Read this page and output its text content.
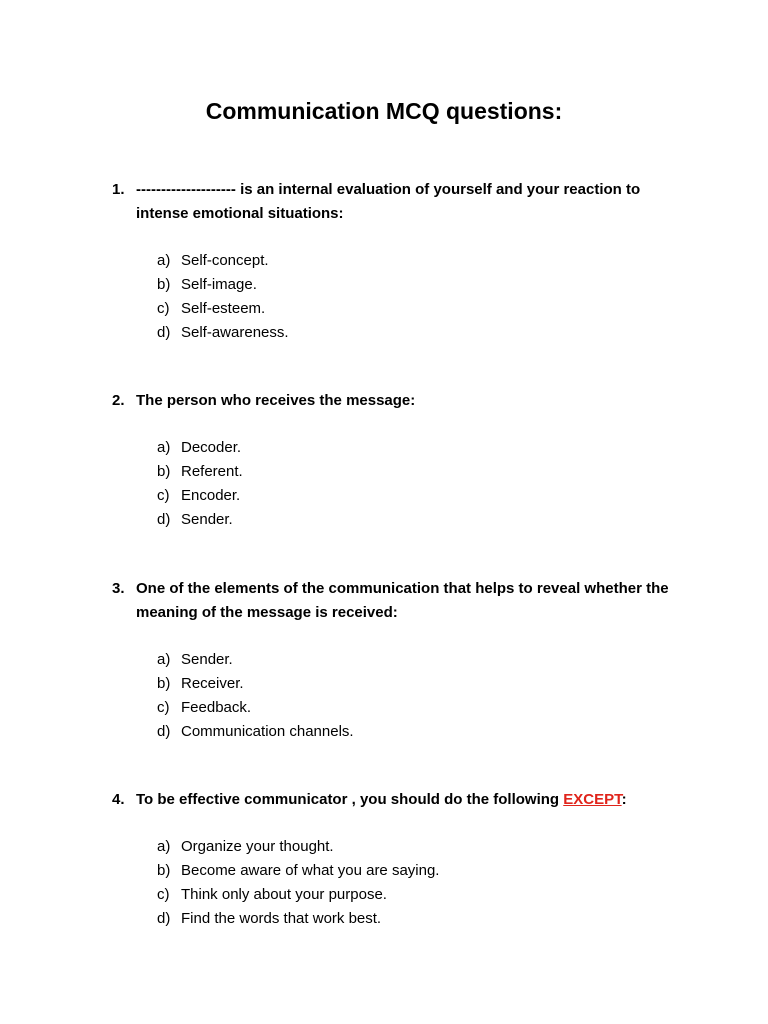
Communication MCQ questions:
1. -------------------- is an internal evaluation of yourself and your reaction to intense emotional situations:
a) Self-concept.
b) Self-image.
c) Self-esteem.
d) Self-awareness.
2. The person who receives the message:
a) Decoder.
b) Referent.
c) Encoder.
d) Sender.
3. One of the elements of the communication that helps to reveal whether the meaning of the message is received:
a) Sender.
b) Receiver.
c) Feedback.
d) Communication channels.
4. To be effective communicator , you should do the following EXCEPT:
a) Organize your thought.
b) Become aware of what you are saying.
c) Think only about your purpose.
d) Find the words that work best.
